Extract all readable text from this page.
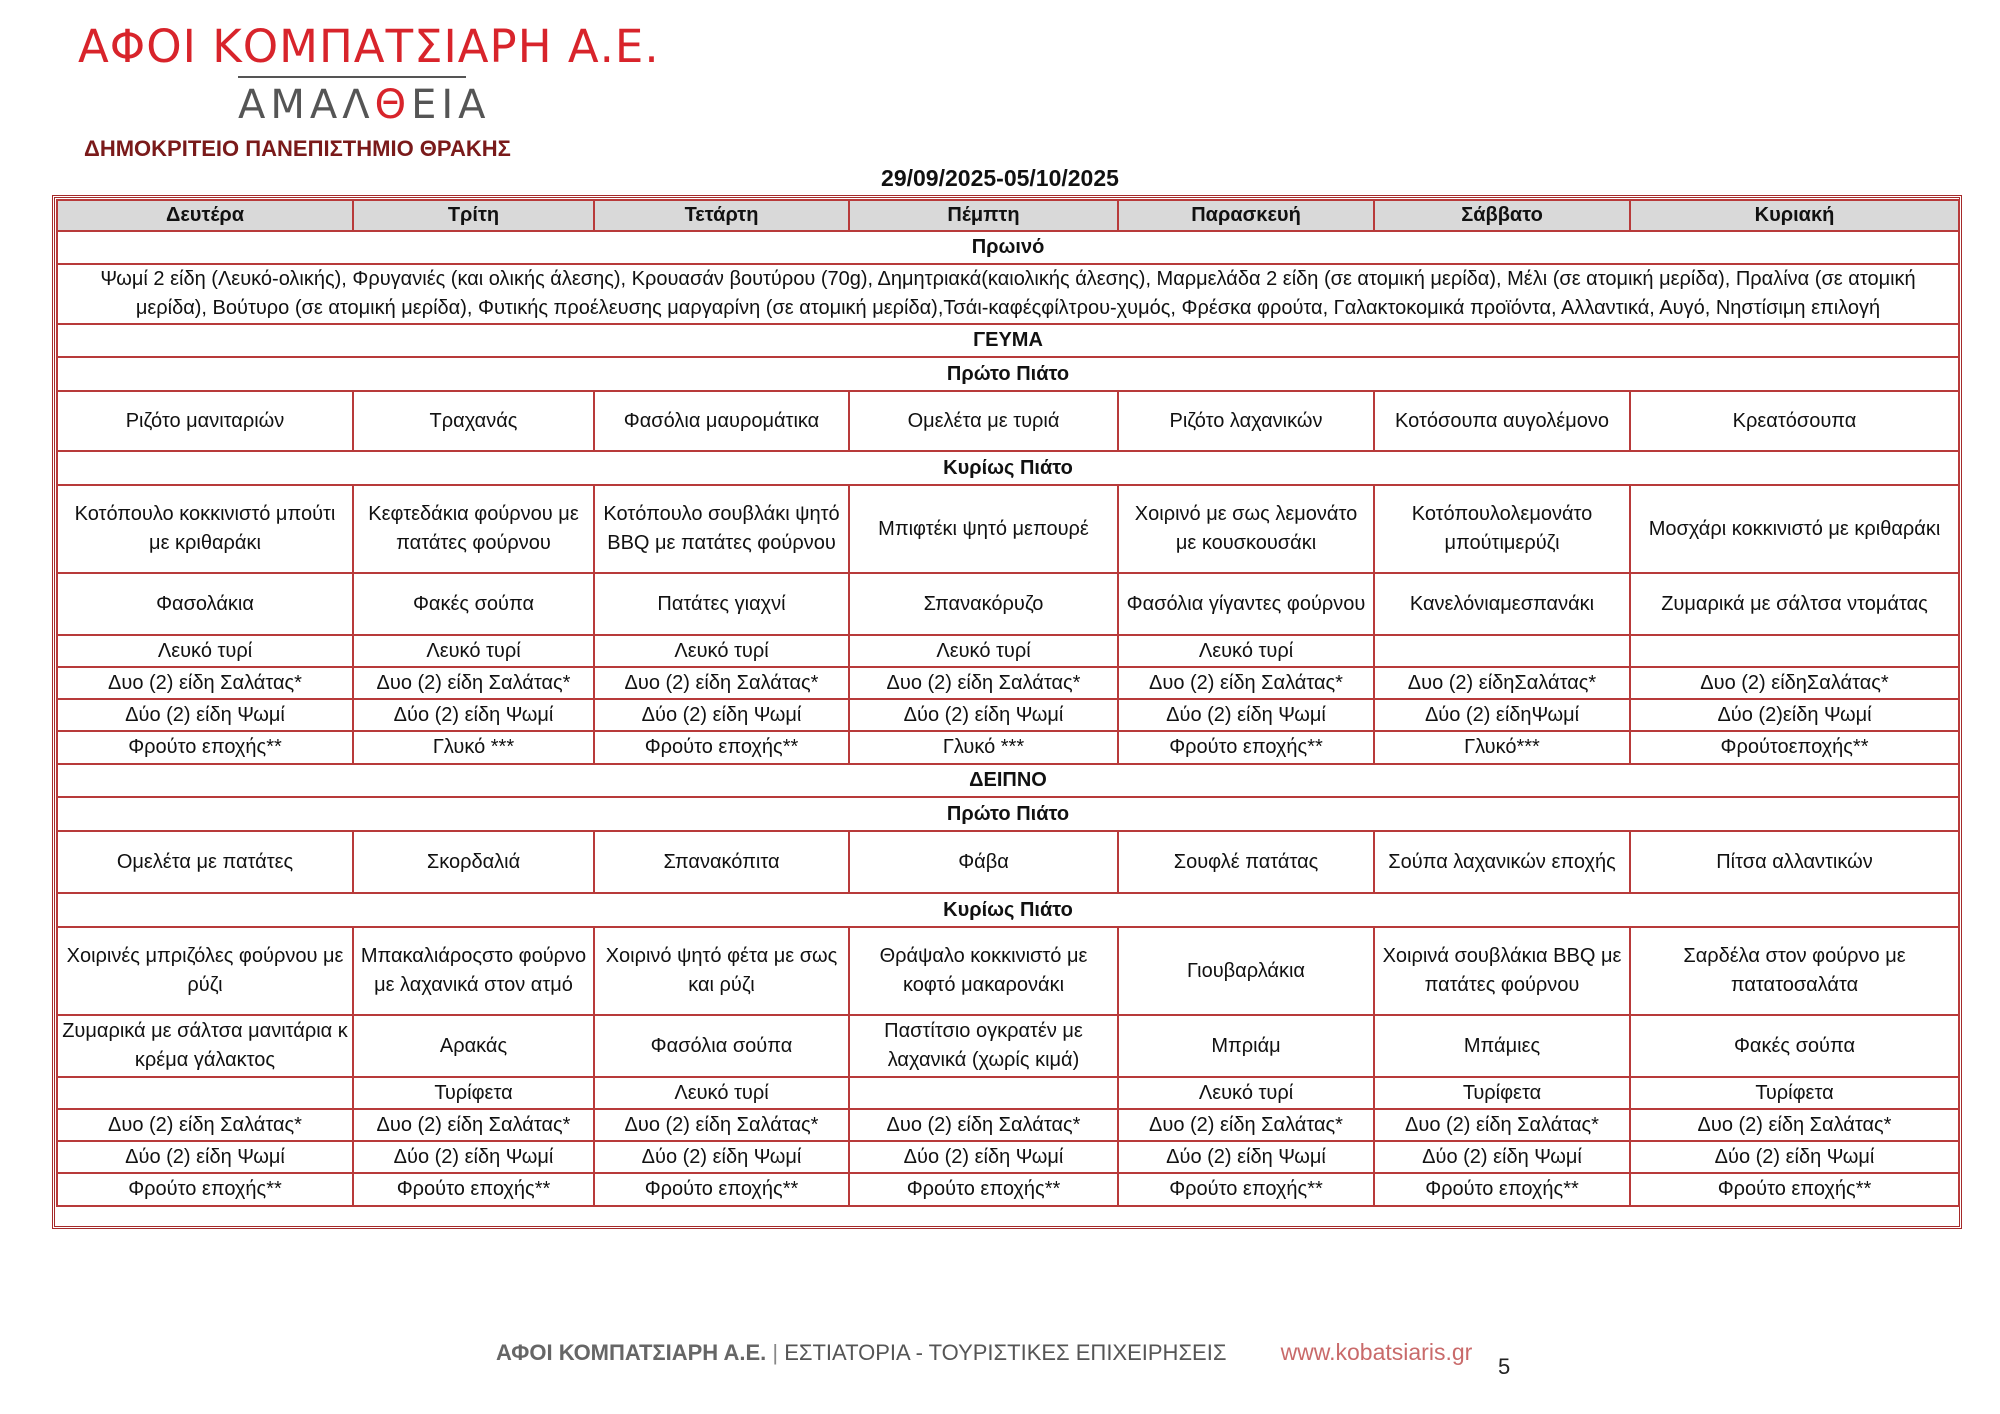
ΑΦΟΙ ΚΟΜΠΑΤΣΙΑΡΗ Α.Ε.
ΑΜΑΛΘΕΙΑ
ΔΗΜΟΚΡΙΤΕΙΟ ΠΑΝΕΠΙΣΤΗΜΙΟ ΘΡΑΚΗΣ
29/09/2025-05/10/2025
Δευτέρα	Τρίτη	Τετάρτη	Πέμπτη	Παρασκευή	Σάββατο	Κυριακή
Πρωινό						
Ψωμί 2 είδη (Λευκό-ολικής), Φρυγανιές (και ολικής άλεσης), Κρουασάν βουτύρου (70g), Δημητριακά(καιολικής άλεσης), Μαρμελάδα 2 είδη (σε ατομική μερίδα), Μέλι (σε ατομική μερίδα), Πραλίνα (σε ατομική μερίδα), Βούτυρο (σε ατομική μερίδα), Φυτικής προέλευσης μαργαρίνη (σε ατομική μερίδα),Τσάι-καφέςφίλτρου-χυμός, Φρέσκα φρούτα, Γαλακτοκομικά προϊόντα, Αλλαντικά, Αυγό, Νηστίσιμη επιλογή						
ΓΕΥΜΑ						
Πρώτο Πιάτο						
Ριζότο μανιταριών	Τραχανάς	Φασόλια μαυρομάτικα	Ομελέτα με τυριά	Ριζότο λαχανικών	Κοτόσουπα αυγολέμονο	Κρεατόσουπα
Κυρίως Πιάτο						
Κοτόπουλο κοκκινιστό μπούτι με κριθαράκι	Κεφτεδάκια φούρνου με πατάτες φούρνου	Κοτόπουλο σουβλάκι ψητό BBQ με πατάτες φούρνου	Μπιφτέκι ψητό μεπουρέ	Χοιρινό με σως λεμονάτο με κουσκουσάκι	Κοτόπουλολεμονάτο μπούτιμερύζι	Μοσχάρι κοκκινιστό με κριθαράκι
Φασολάκια	Φακές σούπα	Πατάτες γιαχνί	Σπανακόρυζο	Φασόλια γίγαντες φούρνου	Κανελόνιαμεσπανάκι	Ζυμαρικά με σάλτσα ντομάτας
Λευκό τυρί	Λευκό τυρί	Λευκό τυρί	Λευκό τυρί	Λευκό τυρί		
Δυο (2) είδη Σαλάτας*	Δυο (2) είδη Σαλάτας*	Δυο (2) είδη Σαλάτας*	Δυο (2) είδη Σαλάτας*	Δυο (2) είδη Σαλάτας*	Δυο (2) είδηΣαλάτας*	Δυο (2) είδηΣαλάτας*
Δύο (2) είδη Ψωμί	Δύο (2) είδη Ψωμί	Δύο (2) είδη Ψωμί	Δύο (2) είδη Ψωμί	Δύο (2) είδη Ψωμί	Δύο (2) είδηΨωμί	Δύο (2)είδη Ψωμί
Φρούτο εποχής**	Γλυκό ***	Φρούτο εποχής**	Γλυκό ***	Φρούτο εποχής**	Γλυκό***	Φρούτοεποχής**
ΔΕΙΠΝΟ						
Πρώτο Πιάτο						
Ομελέτα με πατάτες	Σκορδαλιά	Σπανακόπιτα	Φάβα	Σουφλέ πατάτας	Σούπα λαχανικών εποχής	Πίτσα αλλαντικών
Κυρίως Πιάτο						
Χοιρινές μπριζόλες φούρνου με ρύζι	Μπακαλιάροςστο φούρνο με λαχανικά στον ατμό	Χοιρινό ψητό φέτα με σως και ρύζι	Θράψαλο κοκκινιστό με κοφτό μακαρονάκι	Γιουβαρλάκια	Χοιρινά σουβλάκια BBQ με πατάτες φούρνου	Σαρδέλα στον φούρνο με πατατοσαλάτα
Ζυμαρικά με σάλτσα μανιτάρια κ κρέμα γάλακτος	Αρακάς	Φασόλια σούπα	Παστίτσιο ογκρατέν με λαχανικά (χωρίς κιμά)	Μπριάμ	Μπάμιες	Φακές σούπα
	Τυρίφετα	Λευκό τυρί		Λευκό τυρί	Τυρίφετα	Τυρίφετα
Δυο (2) είδη Σαλάτας*	Δυο (2) είδη Σαλάτας*	Δυο (2) είδη Σαλάτας*	Δυο (2) είδη Σαλάτας*	Δυο (2) είδη Σαλάτας*	Δυο (2) είδη Σαλάτας*	Δυο (2) είδη Σαλάτας*
Δύο (2) είδη Ψωμί	Δύο (2) είδη Ψωμί	Δύο (2) είδη Ψωμί	Δύο (2) είδη Ψωμί	Δύο (2) είδη Ψωμί	Δύο (2) είδη Ψωμί	Δύο (2) είδη Ψωμί
Φρούτο εποχής**	Φρούτο εποχής**	Φρούτο εποχής**	Φρούτο εποχής**	Φρούτο εποχής**	Φρούτο εποχής**	Φρούτο εποχής**
ΑΦΟΙ ΚΟΜΠΑΤΣΙΑΡΗ Α.Ε. | ΕΣΤΙΑΤΟΡΙΑ - ΤΟΥΡΙΣΤΙΚΕΣ ΕΠΙΧΕΙΡΗΣΕΙΣ www.kobatsiaris.gr
5
